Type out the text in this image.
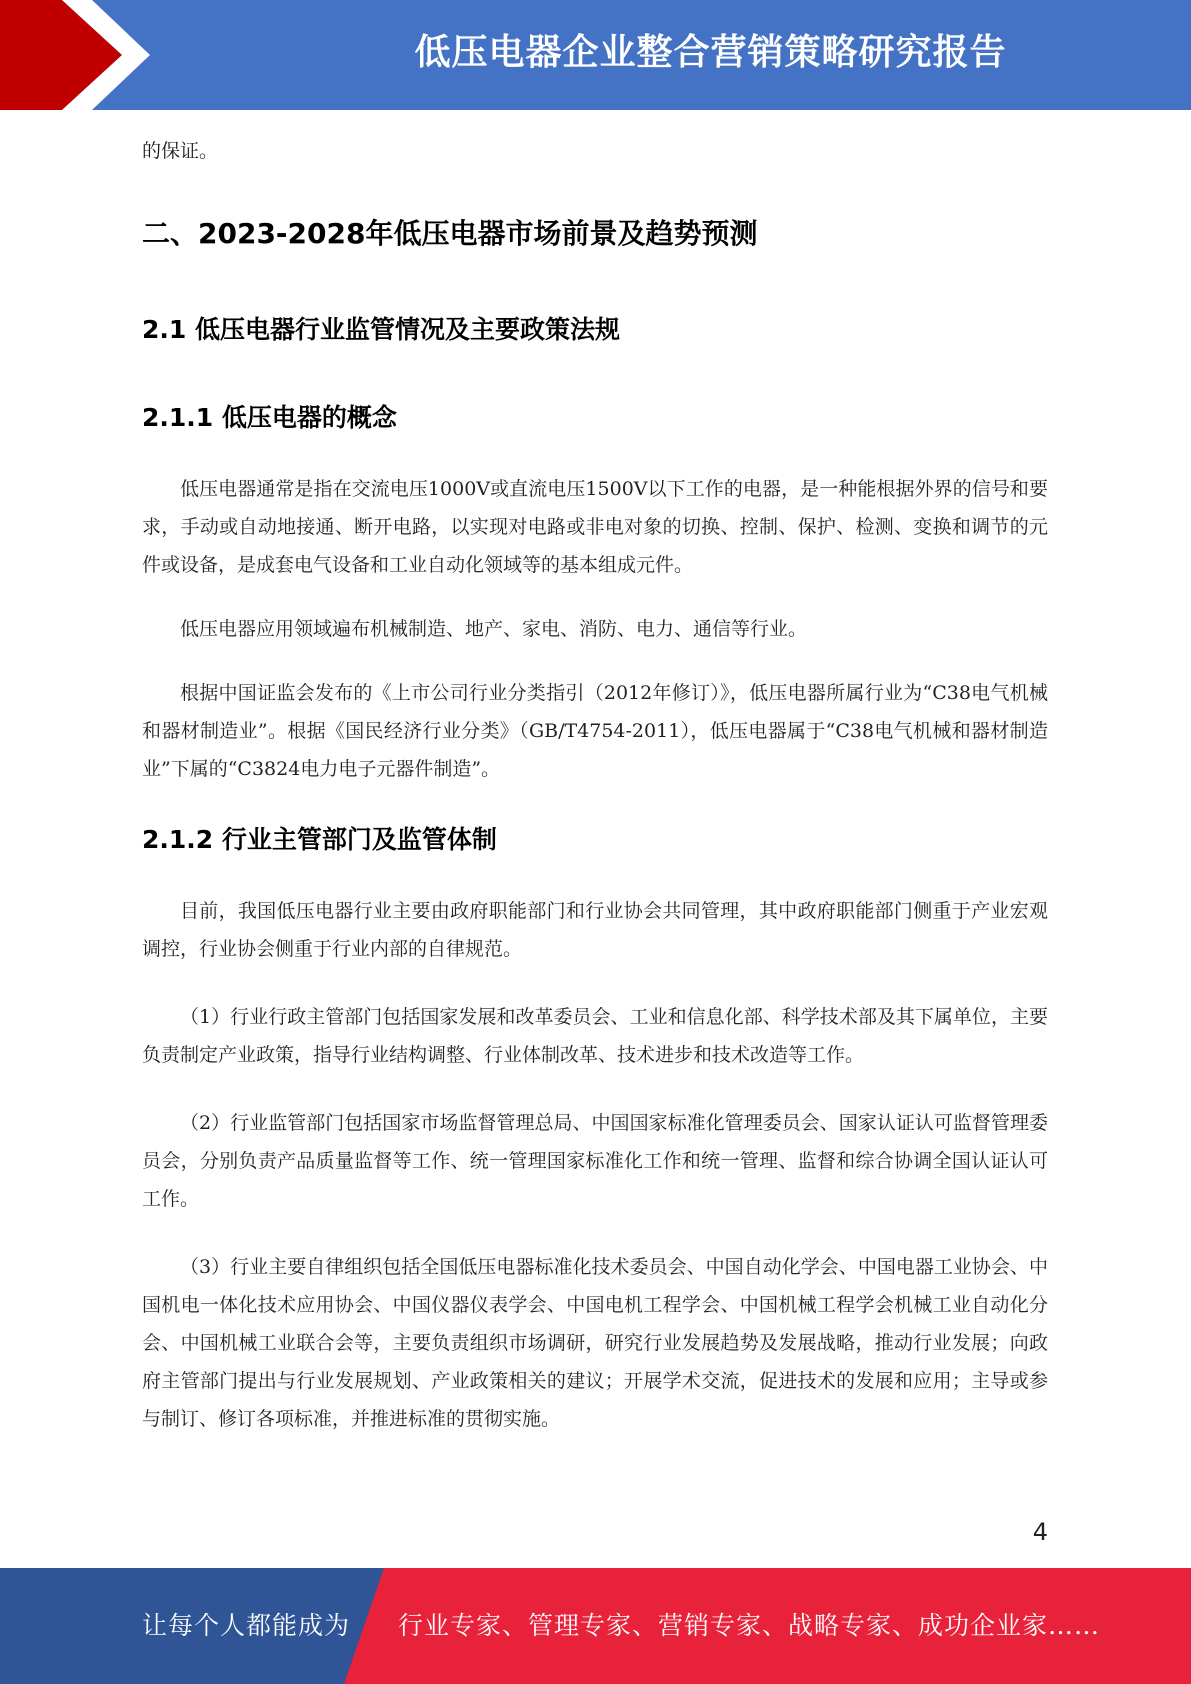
低压电器企业整合营销策略研究报告

的保证。

二、2023-2028年低压电器市场前景及趋势预测
2.1 低压电器行业监管情况及主要政策法规
2.1.1 低压电器的概念

低压电器通常是指在交流电压1000V或直流电压1500V以下工作的电器，是一种能根据外界的信号和要求，手动或自动地接通、断开电路，以实现对电路或非电对象的切换、控制、保护、检测、变换和调节的元件或设备，是成套电气设备和工业自动化领域等的基本组成元件。

低压电器应用领域遍布机械制造、地产、家电、消防、电力、通信等行业。

根据中国证监会发布的《上市公司行业分类指引（2012年修订）》，低压电器所属行业为“C38电气机械和器材制造业”。根据《国民经济行业分类》（GB/T4754-2011），低压电器属于“C38电气机械和器材制造业”下属的“C3824电力电子元器件制造”。

2.1.2 行业主管部门及监管体制

目前，我国低压电器行业主要由政府职能部门和行业协会共同管理，其中政府职能部门侧重于产业宏观调控，行业协会侧重于行业内部的自律规范。

（1）行业行政主管部门包括国家发展和改革委员会、工业和信息化部、科学技术部及其下属单位，主要负责制定产业政策，指导行业结构调整、行业体制改革、技术进步和技术改造等工作。

（2）行业监管部门包括国家市场监督管理总局、中国国家标准化管理委员会、国家认证认可监督管理委员会，分别负责产品质量监督等工作、统一管理国家标准化工作和统一管理、监督和综合协调全国认证认可工作。

（3）行业主要自律组织包括全国低压电器标准化技术委员会、中国自动化学会、中国电器工业协会、中国机电一体化技术应用协会、中国仪器仪表学会、中国电机工程学会、中国机械工程学会机械工业自动化分会、中国机械工业联合会等，主要负责组织市场调研，研究行业发展趋势及发展战略，推动行业发展；向政府主管部门提出与行业发展规划、产业政策相关的建议；开展学术交流，促进技术的发展和应用；主导或参与制订、修订各项标准，并推进标准的贯彻实施。

4
让每个人都能成为 行业专家、管理专家、营销专家、战略专家、成功企业家……
